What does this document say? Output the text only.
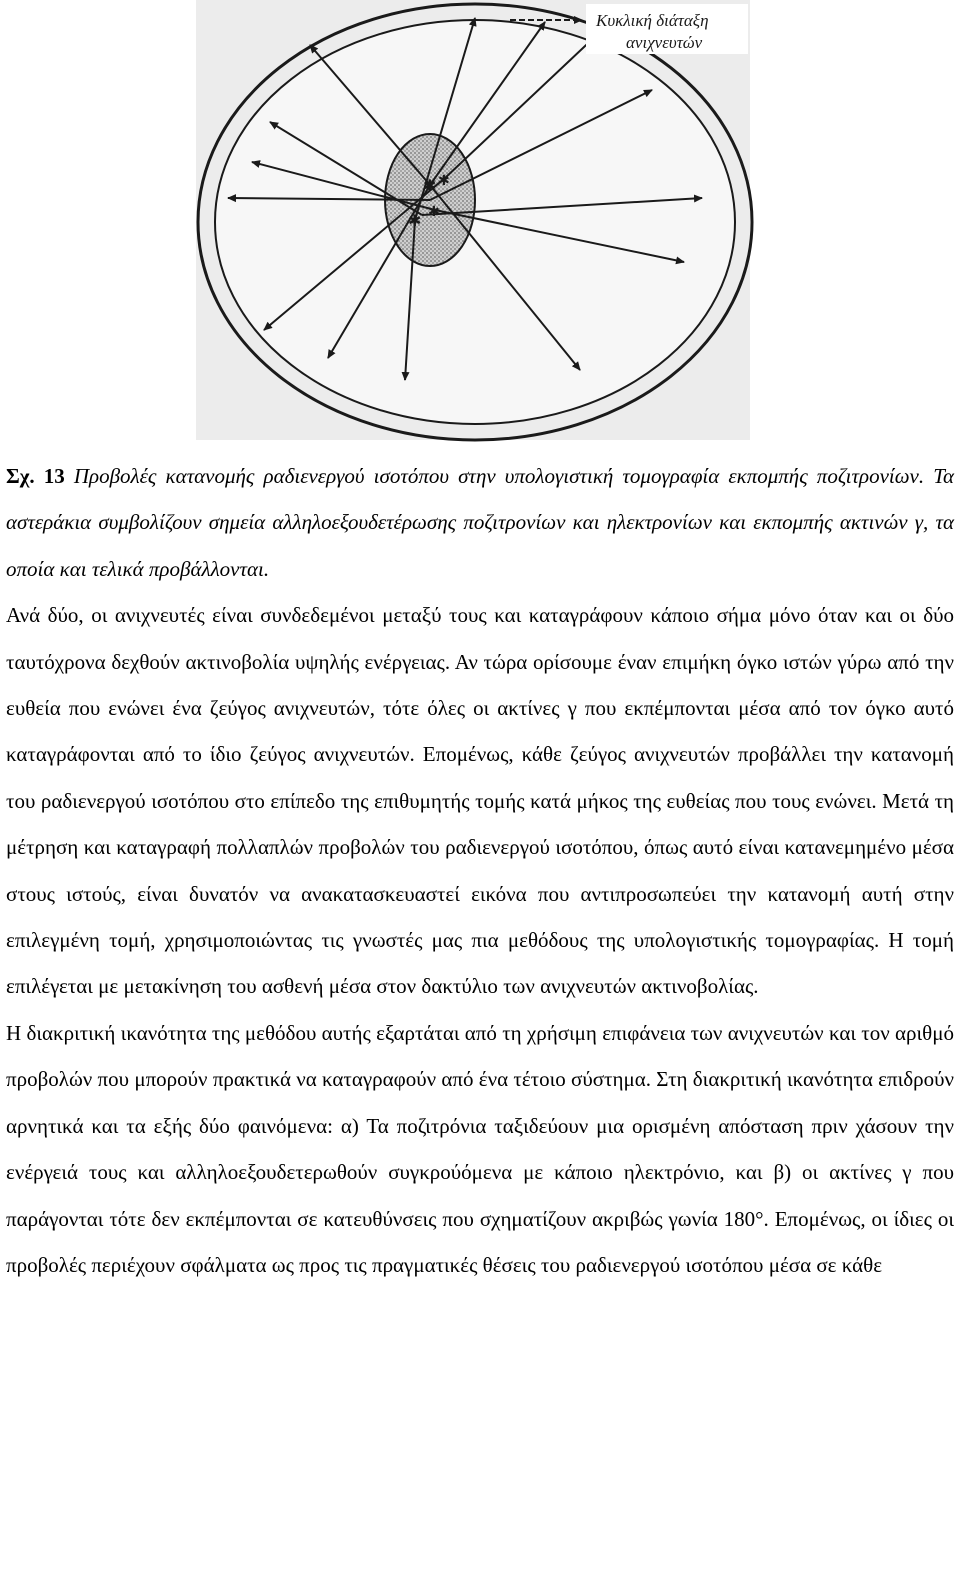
✱
✱
✱
✱
Κυκλική διάταξη
ανιχνευτών

Σχ. 13 Προβολές κατανομής ραδιενεργού ισοτόπου στην υπολογιστική τομογραφία εκπομπής ποζιτρονίων. Τα αστεράκια συμβολίζουν σημεία αλληλοεξουδετέρωσης ποζιτρονίων και ηλεκτρονίων και εκπομπής ακτινών γ, τα οποία και τελικά προβάλλονται.

Ανά δύο, οι ανιχνευτές είναι συνδεδεμένοι μεταξύ τους και καταγράφουν κάποιο σήμα μόνο όταν και οι δύο ταυτόχρονα δεχθούν ακτινοβολία υψηλής ενέργειας. Αν τώρα ορίσουμε έναν επιμήκη όγκο ιστών γύρω από την ευθεία που ενώνει ένα ζεύγος ανιχνευτών, τότε όλες οι ακτίνες γ που εκπέμπονται μέσα από τον όγκο αυτό καταγράφονται από το ίδιο ζεύγος ανιχνευτών. Επομένως, κάθε ζεύγος ανιχνευτών προβάλλει την κατανομή του ραδιενεργού ισοτόπου στο επίπεδο της επιθυμητής τομής κατά μήκος της ευθείας που τους ενώνει. Μετά τη μέτρηση και καταγραφή πολλαπλών προβολών του ραδιενεργού ισοτόπου, όπως αυτό είναι κατανεμημένο μέσα στους ιστούς, είναι δυνατόν να ανακατασκευαστεί εικόνα που αντιπροσωπεύει την κατανομή αυτή στην επιλεγμένη τομή, χρησιμοποιώντας τις γνωστές μας πια μεθόδους της υπολογιστικής τομογραφίας. Η τομή επιλέγεται με μετακίνηση του ασθενή μέσα στον δακτύλιο των ανιχνευτών ακτινοβολίας.

Η διακριτική ικανότητα της μεθόδου αυτής εξαρτάται από τη χρήσιμη επιφάνεια των ανιχνευτών και τον αριθμό προβολών που μπορούν πρακτικά να καταγραφούν από ένα τέτοιο σύστημα. Στη διακριτική ικανότητα επιδρούν αρνητικά και τα εξής δύο φαινόμενα: α) Τα ποζιτρόνια ταξιδεύουν μια ορισμένη απόσταση πριν χάσουν την ενέργειά τους και αλληλοεξουδετερωθούν συγκρούόμενα με κάποιο ηλεκτρόνιο, και β) οι ακτίνες γ που παράγονται τότε δεν εκπέμπονται σε κατευθύνσεις που σχηματίζουν ακριβώς γωνία 180°. Επομένως, οι ίδιες οι προβολές περιέχουν σφάλματα ως προς τις πραγματικές θέσεις του ραδιενεργού ισοτόπου μέσα σε κάθε
